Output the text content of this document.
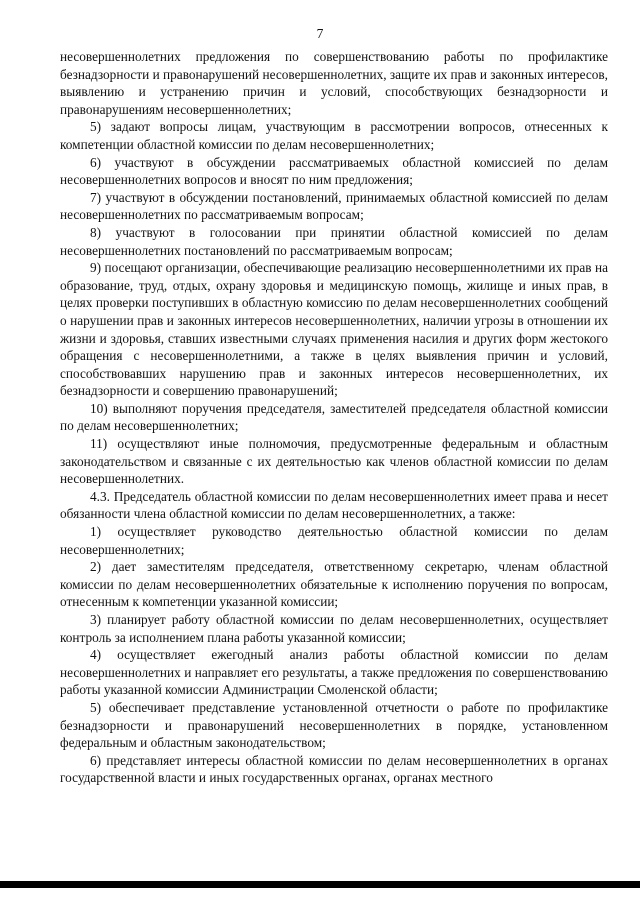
7

несовершеннолетних предложения по совершенствованию работы по профилактике безнадзорности и правонарушений несовершеннолетних, защите их прав и законных интересов, выявлению и устранению причин и условий, способствующих безнадзорности и правонарушениям несовершеннолетних;

5) задают вопросы лицам, участвующим в рассмотрении вопросов, отнесенных к компетенции областной комиссии по делам несовершеннолетних;

6) участвуют в обсуждении рассматриваемых областной комиссией по делам несовершеннолетних вопросов и вносят по ним предложения;

7) участвуют в обсуждении постановлений, принимаемых областной комиссией по делам несовершеннолетних по рассматриваемым вопросам;

8) участвуют в голосовании при принятии областной комиссией по делам несовершеннолетних постановлений по рассматриваемым вопросам;

9) посещают организации, обеспечивающие реализацию несовершеннолетними их прав на образование, труд, отдых, охрану здоровья и медицинскую помощь, жилище и иных прав, в целях проверки поступивших в областную комиссию по делам несовершеннолетних сообщений о нарушении прав и законных интересов несовершеннолетних, наличии угрозы в отношении их жизни и здоровья, ставших известными случаях применения насилия и других форм жестокого обращения с несовершеннолетними, а также в целях выявления причин и условий, способствовавших нарушению прав и законных интересов несовершеннолетних, их безнадзорности и совершению правонарушений;

10) выполняют поручения председателя, заместителей председателя областной комиссии по делам несовершеннолетних;

11) осуществляют иные полномочия, предусмотренные федеральным и областным законодательством и связанные с их деятельностью как членов областной комиссии по делам несовершеннолетних.

4.3. Председатель областной комиссии по делам несовершеннолетних имеет права и несет обязанности члена областной комиссии по делам несовершеннолетних, а также:

1) осуществляет руководство деятельностью областной комиссии по делам несовершеннолетних;

2) дает заместителям председателя, ответственному секретарю, членам областной комиссии по делам несовершеннолетних обязательные к исполнению поручения по вопросам, отнесенным к компетенции указанной комиссии;

3) планирует работу областной комиссии по делам несовершеннолетних, осуществляет контроль за исполнением плана работы указанной комиссии;

4) осуществляет ежегодный анализ работы областной комиссии по делам несовершеннолетних и направляет его результаты, а также предложения по совершенствованию работы указанной комиссии Администрации Смоленской области;

5) обеспечивает представление установленной отчетности о работе по профилактике безнадзорности и правонарушений несовершеннолетних в порядке, установленном федеральным и областным законодательством;

6) представляет интересы областной комиссии по делам несовершеннолетних в органах государственной власти и иных государственных органах, органах местного
